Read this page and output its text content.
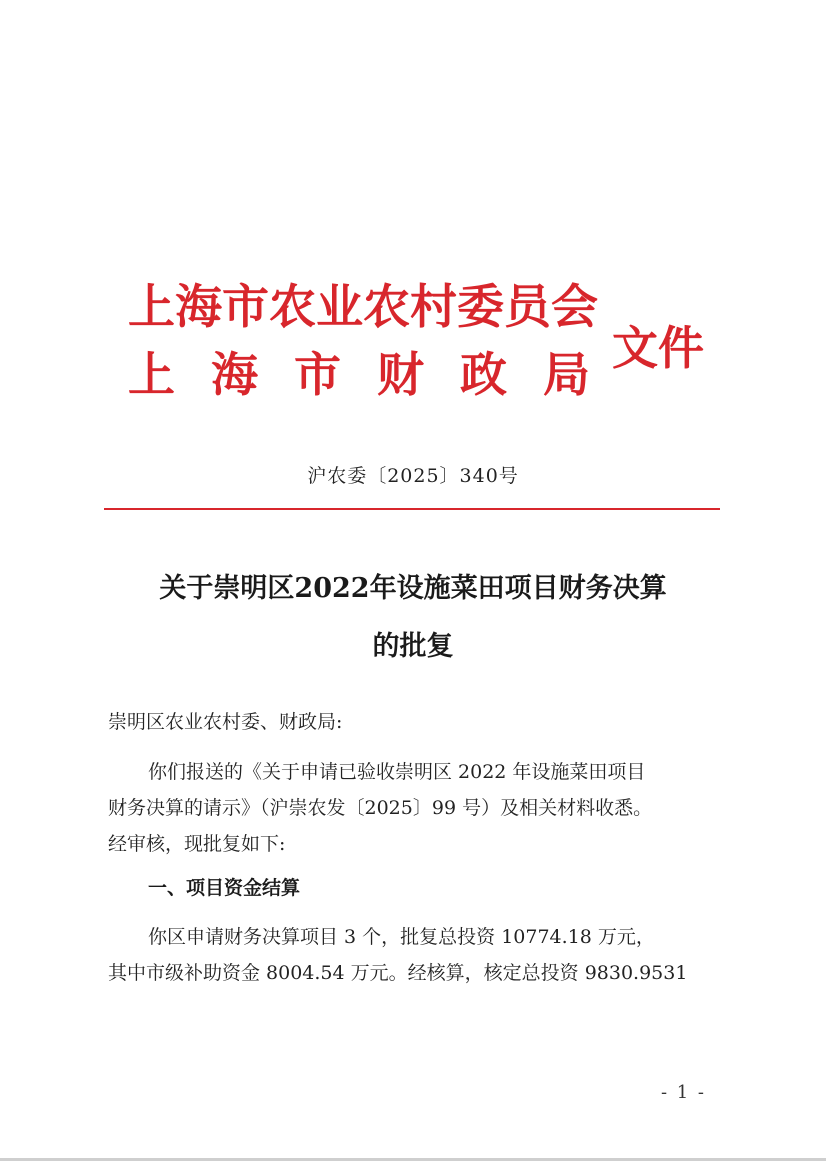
上海市农业农村委员会
上海市财政局
文件
沪农委〔2025〕340号
关于崇明区2022年设施菜田项目财务决算
的批复
崇明区农业农村委、财政局:
你们报送的《关于申请已验收崇明区 2022 年设施菜田项目
财务决算的请示》（沪崇农发〔2025〕99 号）及相关材料收悉。
经审核，现批复如下:
一、项目资金结算
你区申请财务决算项目 3 个，批复总投资 10774.18 万元，
其中市级补助资金 8004.54 万元。经核算，核定总投资 9830.9531
- 1 -
